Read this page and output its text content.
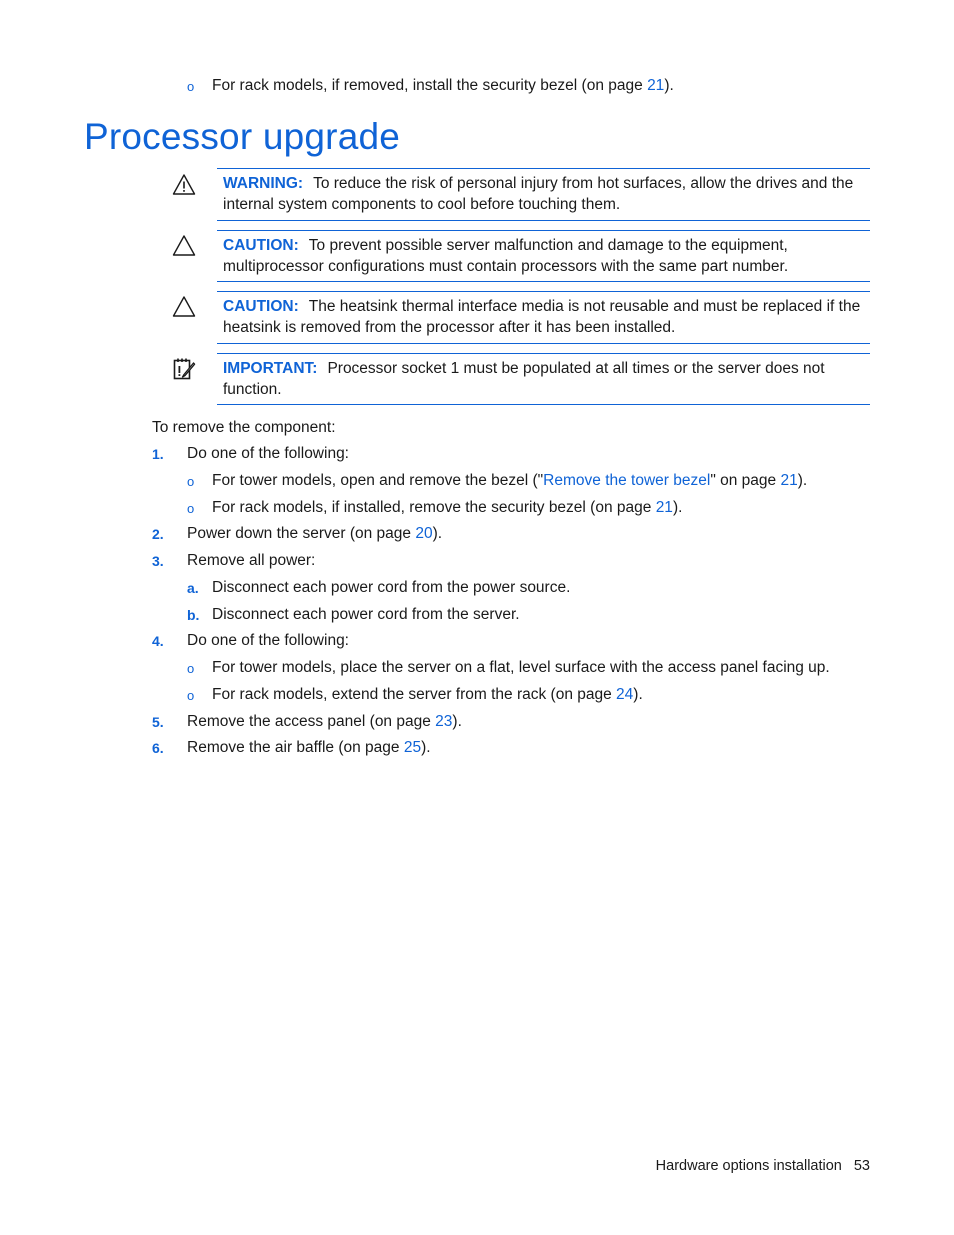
o For rack models, if removed, install the security bezel (on page 21).
Processor upgrade
WARNING: To reduce the risk of personal injury from hot surfaces, allow the drives and the internal system components to cool before touching them.
CAUTION: To prevent possible server malfunction and damage to the equipment, multiprocessor configurations must contain processors with the same part number.
CAUTION: The heatsink thermal interface media is not reusable and must be replaced if the heatsink is removed from the processor after it has been installed.
IMPORTANT: Processor socket 1 must be populated at all times or the server does not function.
To remove the component:
1. Do one of the following:
o For tower models, open and remove the bezel ("Remove the tower bezel" on page 21).
o For rack models, if installed, remove the security bezel (on page 21).
2. Power down the server (on page 20).
3. Remove all power:
a. Disconnect each power cord from the power source.
b. Disconnect each power cord from the server.
4. Do one of the following:
o For tower models, place the server on a flat, level surface with the access panel facing up.
o For rack models, extend the server from the rack (on page 24).
5. Remove the access panel (on page 23).
6. Remove the air baffle (on page 25).
Hardware options installation 53
